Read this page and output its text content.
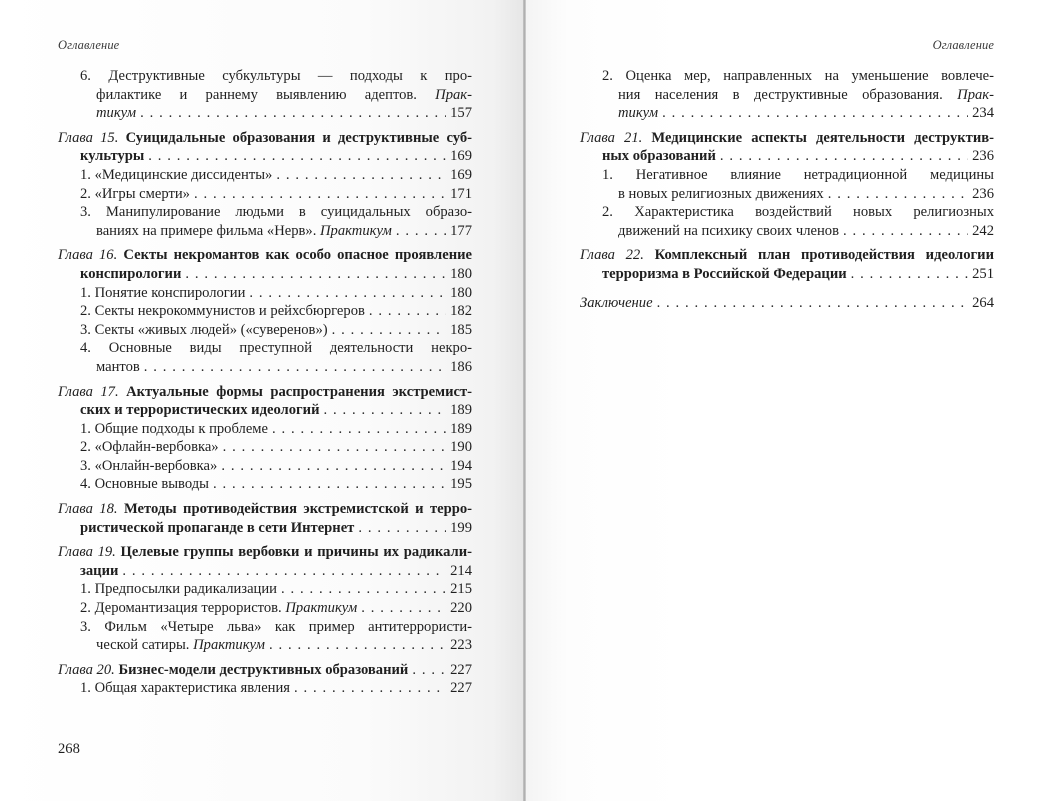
Оглавление
6. Деструктивные субкультуры — подходы к про-
филактике и раннему выявлению адептов. Прак-
тикум . . .	157
Глава 15. Суицидальные образования и деструктивные суб-
культуры . . .	169
1. «Медицинские диссиденты» . . .	169
2. «Игры смерти» . . .	171
3. Манипулирование людьми в суицидальных образо-
ваниях на примере фильма «Нерв». Практикум . . .	177
Глава 16. Секты некромантов как особо опасное проявление
конспирологии . . .	180
1. Понятие конспирологии . . .	180
2. Секты некрокоммунистов и рейхсбюргеров . . .	182
3. Секты «живых людей» («суверенов») . . .	185
4. Основные виды преступной деятельности некро-
мантов . . .	186
Глава 17. Актуальные формы распространения экстремист-
ских и террористических идеологий . . .	189
1. Общие подходы к проблеме . . .	189
2. «Офлайн-вербовка» . . .	190
3. «Онлайн-вербовка» . . .	194
4. Основные выводы . . .	195
Глава 18. Методы противодействия экстремистской и терро-
ристической пропаганде в сети Интернет . . .	199
Глава 19. Целевые группы вербовки и причины их радикали-
зации . . .	214
1. Предпосылки радикализации . . .	215
2. Деромантизация террористов. Практикум . . .	220
3. Фильм «Четыре льва» как пример антитеррористи-
ческой сатиры. Практикум . . .	223
Глава 20. Бизнес-модели деструктивных образований . . .	227
1. Общая характеристика явления . . .	227
268
Оглавление
2. Оценка мер, направленных на уменьшение вовлече-
ния населения в деструктивные образования. Прак-
тикум . . .	234
Глава 21. Медицинские аспекты деятельности деструктив-
ных образований . . .	236
1. Негативное влияние нетрадиционной медицины
в новых религиозных движениях . . .	236
2. Характеристика воздействий новых религиозных
движений на психику своих членов . . .	242
Глава 22. Комплексный план противодействия идеологии
терроризма в Российской Федерации . . .	251
Заключение . . .	264
